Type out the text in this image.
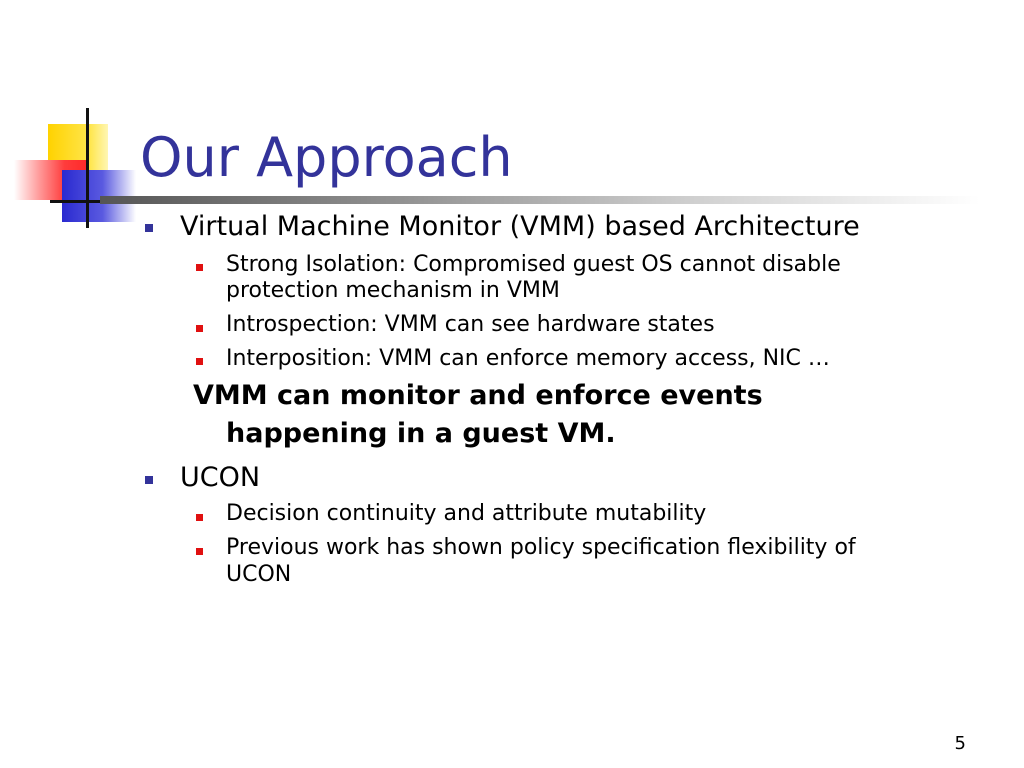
Our Approach
Virtual Machine Monitor (VMM) based Architecture
Strong Isolation: Compromised guest OS cannot disable
protection mechanism in VMM
Introspection: VMM can see hardware states
Interposition: VMM can enforce memory access, NIC …
VMM can monitor and enforce events
happening in a guest VM.
UCON
Decision continuity and attribute mutability
Previous work has shown policy specification flexibility of
UCON
5
